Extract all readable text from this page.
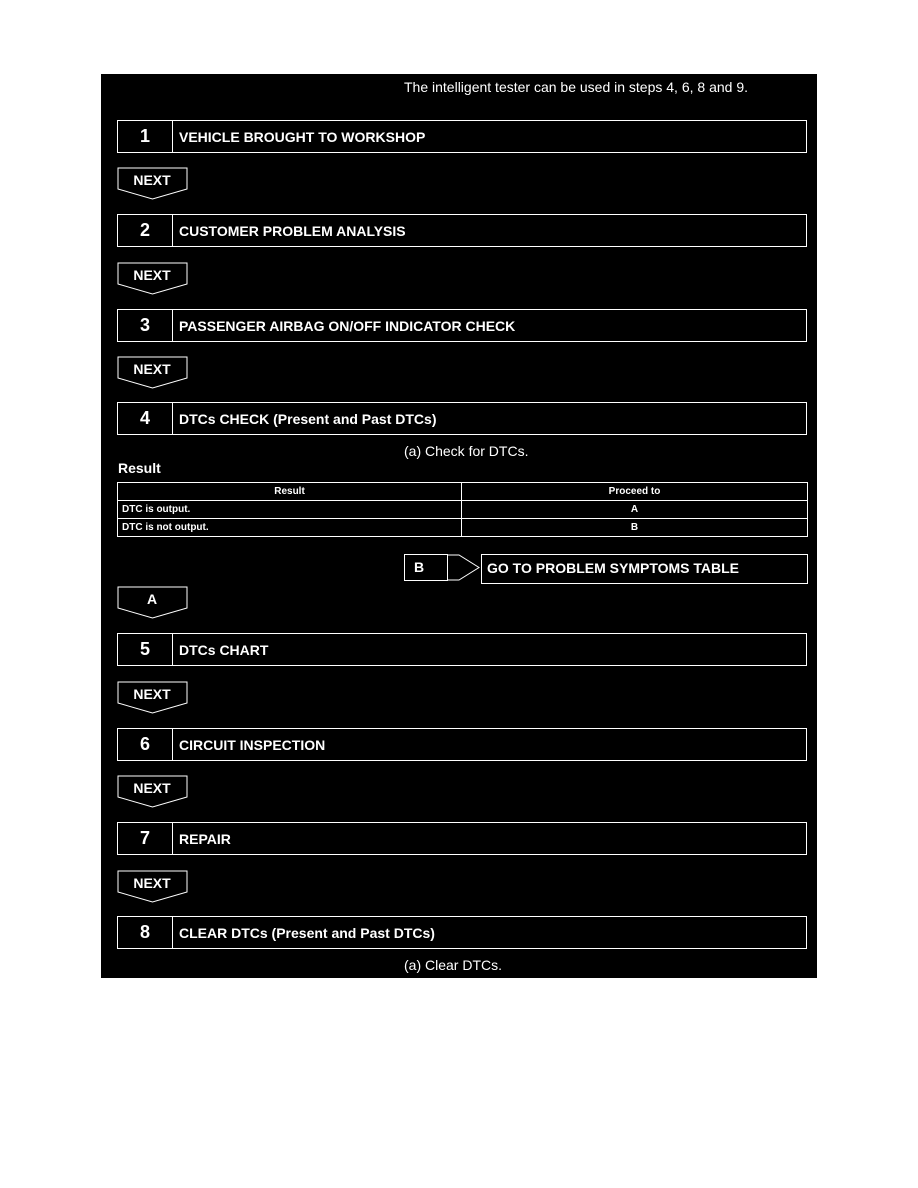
The intelligent tester can be used in steps 4, 6, 8 and 9.
1	VEHICLE BROUGHT TO WORKSHOP
NEXT
2	CUSTOMER PROBLEM ANALYSIS
NEXT
3	PASSENGER AIRBAG ON/OFF INDICATOR CHECK
NEXT
4	DTCs CHECK (Present and Past DTCs)
(a) Check for DTCs.
Result
Result	Proceed to
DTC is output.	A
DTC is not output.	B
B	GO TO PROBLEM SYMPTOMS TABLE
A
5	DTCs CHART
NEXT
6	CIRCUIT INSPECTION
NEXT
7	REPAIR
NEXT
8	CLEAR DTCs (Present and Past DTCs)
(a) Clear DTCs.
